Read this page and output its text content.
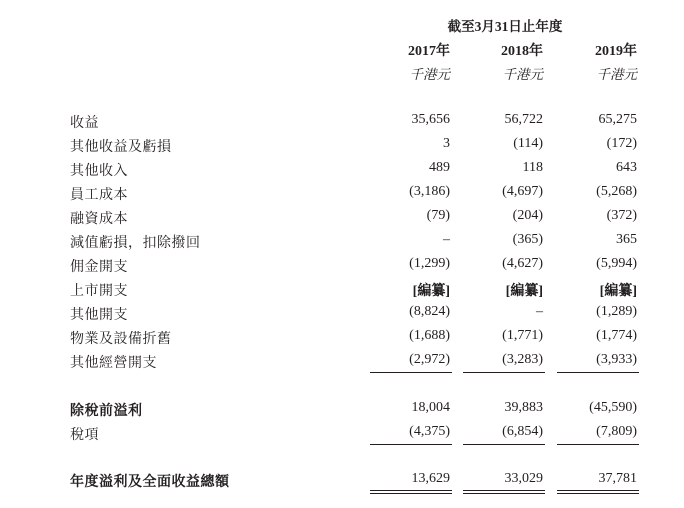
截至3月31日止年度
2017年	2018年	2019年
千港元	千港元	千港元
收益	35,656	56,722	65,275
其他收益及虧損	3	(114)	(172)
其他收入	489	118	643
員工成本	(3,186)	(4,697)	(5,268)
融資成本	(79)	(204)	(372)
減值虧損，扣除撥回	–	(365)	365
佣金開支	(1,299)	(4,627)	(5,994)
上市開支	[編纂]	[編纂]	[編纂]
其他開支	(8,824)	–	(1,289)
物業及設備折舊	(1,688)	(1,771)	(1,774)
其他經營開支	(2,972)	(3,283)	(3,933)
除稅前溢利	18,004	39,883	(45,590)
稅項	(4,375)	(6,854)	(7,809)
年度溢利及全面收益總額	13,629	33,029	37,781
